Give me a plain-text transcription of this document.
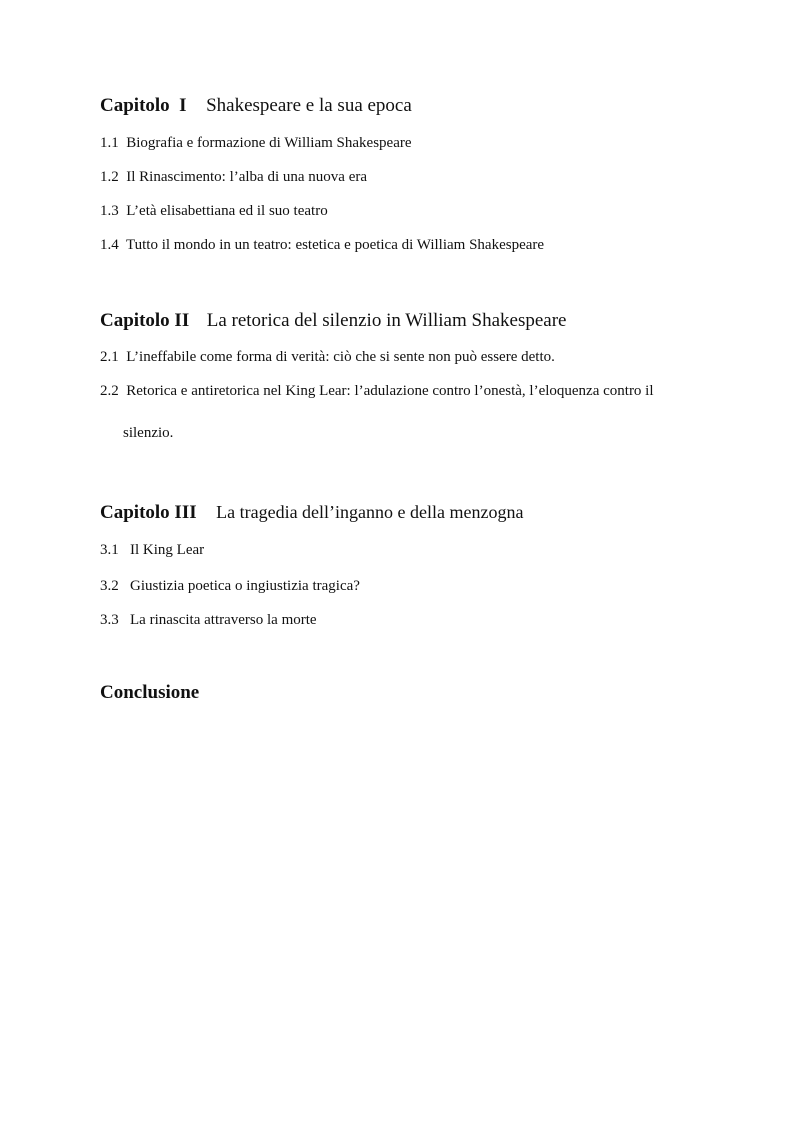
Capitolo  I Shakespeare e la sua epoca
1.1 Biografia e formazione di William Shakespeare
1.2 Il Rinascimento: l’alba di una nuova era
1.3 L’età elisabettiana ed il suo teatro
1.4 Tutto il mondo in un teatro: estetica e poetica di William Shakespeare
Capitolo II La retorica del silenzio in William Shakespeare
2.1 L’ineffabile come forma di verità: ciò che si sente non può essere detto.
2.2 Retorica e antiretorica nel King Lear: l’adulazione contro l’onestà, l’eloquenza contro il
silenzio.
Capitolo III La tragedia dell’inganno e della menzogna
3.1 Il King Lear
3.2 Giustizia poetica o ingiustizia tragica?
3.3 La rinascita attraverso la morte
Conclusione
